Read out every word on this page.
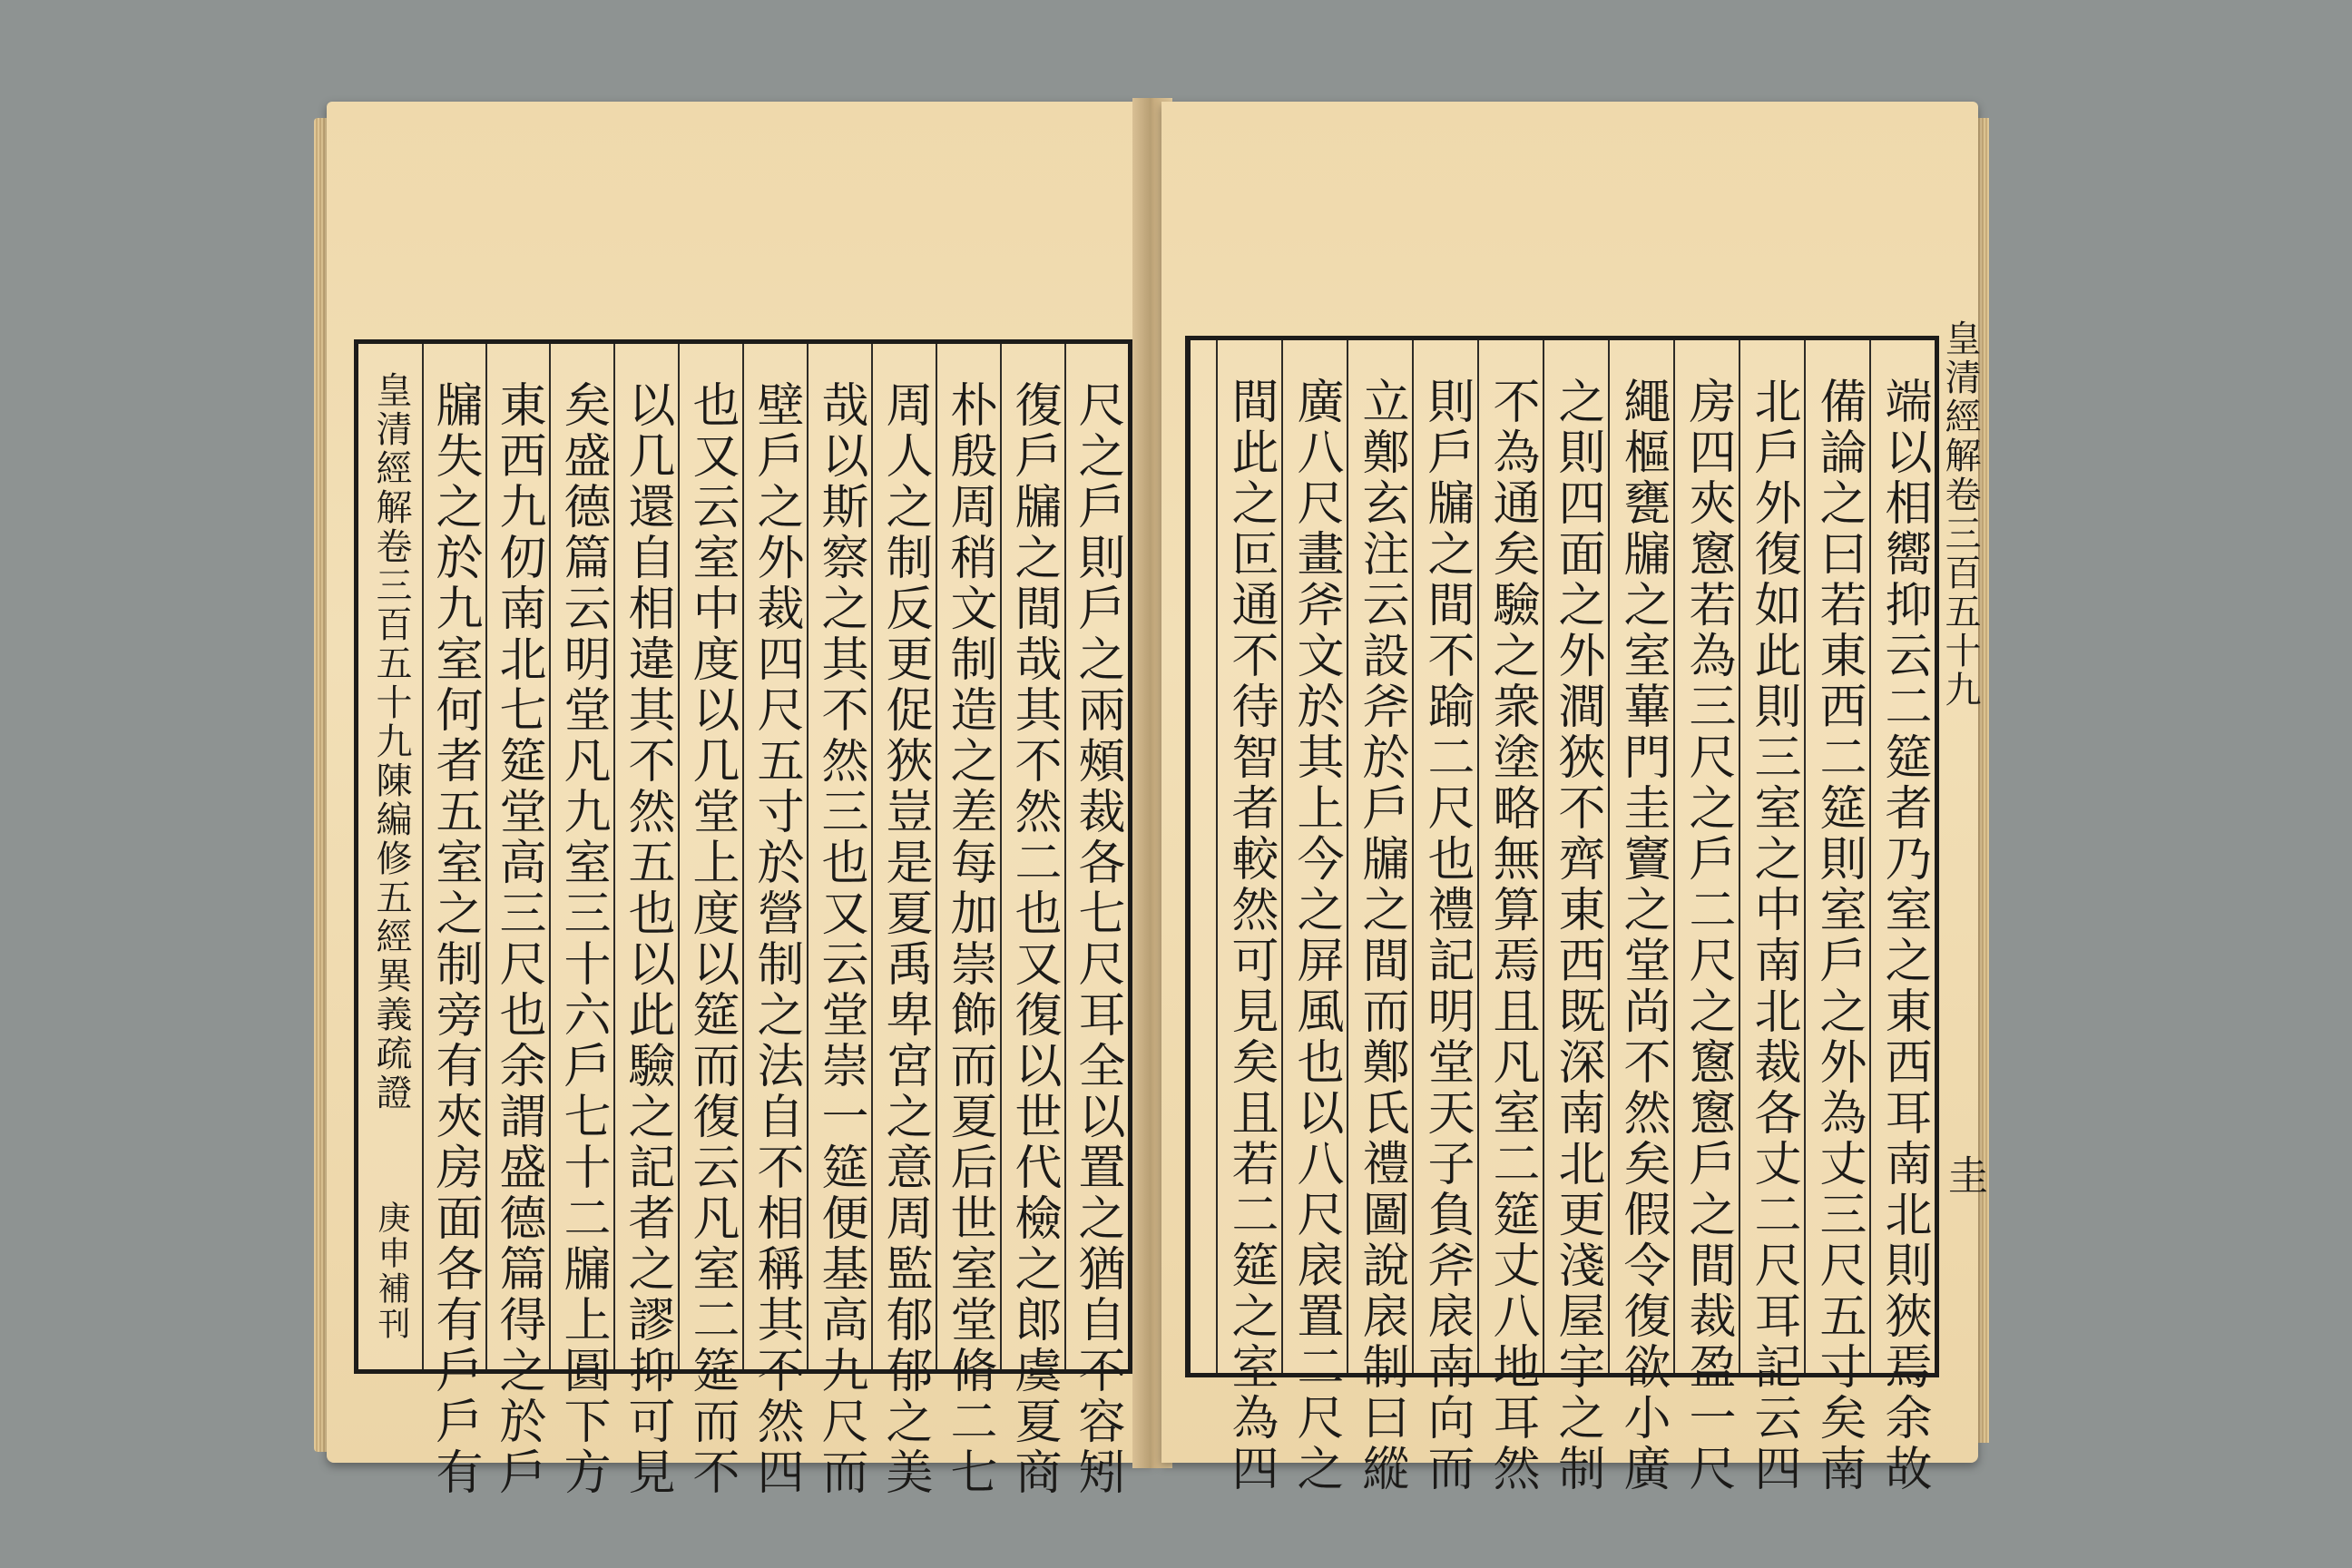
皇清經解卷三百五十九陳編修五經異義疏證
庚申補刊	尺之戶則戶之兩頰裁各七尺耳全以置之猶自不容矧
復戶牖之間哉其不然二也又復以世代檢之郎虞夏商
朴殷周稍文制造之差每加崇飾而夏后世室堂脩二七
周人之制反更促狹豈是夏禹卑宮之意周監郁郁之美
哉以斯察之其不然三也又云堂崇一筵便基高九尺而
壁戶之外裁四尺五寸於營制之法自不相稱其不然四
也又云室中度以几堂上度以筵而復云凡室二筵而不
以几還自相違其不然五也以此驗之記者之謬抑可見
矣盛德篇云明堂凡九室三十六戶七十二牖上圓下方
東西九仞南北七筵堂高三尺也余謂盛德篇得之於戶
牖失之於九室何者五室之制旁有夾房面各有戶戶有	端以相嚮抑云二筵者乃室之東西耳南北則狹焉余故
備論之曰若東西二筵則室戶之外為丈三尺五寸矣南
北戶外復如此則三室之中南北裁各丈二尺耳記云四
房四夾窻若為三尺之戶二尺之窻窻戶之間裁盈一尺
繩樞甕牖之室蓽門圭竇之堂尚不然矣假令復欲小廣
之則四面之外澗狹不齊東西既深南北更淺屋宇之制
不為通矣驗之衆塗略無算焉且凡室二筵丈八地耳然
則戶牖之間不踰二尺也禮記明堂天子負斧扆南向而
立鄭玄注云設斧於戶牖之間而鄭氏禮圖說扆制曰縱
廣八尺畫斧文於其上今之屏風也以八尺扆置二尺之
間此之叵通不待智者較然可見矣且若二筵之室為四	皇清經解卷三百五十九
圭
